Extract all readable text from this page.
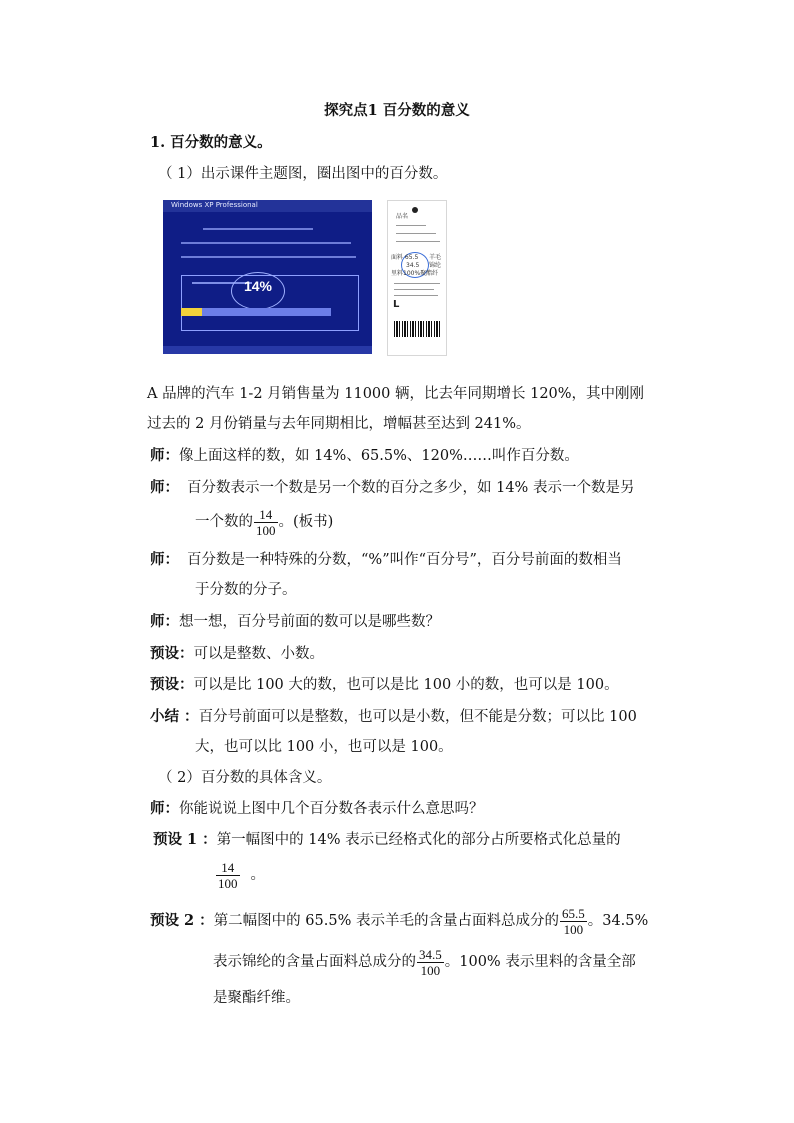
探究点1 百分数的意义
1. 百分数的意义。
（ 1）出示课件主题图，圈出图中的百分数。
Windows XP Professional
14%
品名
面料 65.5 羊毛
34.5 锦纶
里料100%聚酯纤
L
A 品牌的汽车 1-2 月销售量为 11000 辆，比去年同期增长 120%，其中刚刚
过去的 2 月份销量与去年同期相比，增幅甚至达到 241%。
师：像上面这样的数，如 14%、65.5%、120%……叫作百分数。
师： 百分数表示一个数是另一个数的百分之多少，如 14% 表示一个数是另
一个数的 $\frac{14}{100}$ 。(板书)
师： 百分数是一种特殊的分数，“%”叫作“百分号”，百分号前面的数相当
于分数的分子。
师：想一想，百分号前面的数可以是哪些数？
预设：可以是整数、小数。
预设：可以是比 100 大的数，也可以是比 100 小的数，也可以是 100。
小结 ：百分号前面可以是整数，也可以是小数，但不能是分数；可以比 100
大，也可以比 100 小，也可以是 100。
（ 2）百分数的具体含义。
师：你能说说上图中几个百分数各表示什么意思吗？
预设 1 ：第一幅图中的 14% 表示已经格式化的部分占所要格式化总量的
$\frac{14}{100}$ 。
预设 2 ：第二幅图中的 65.5% 表示羊毛的含量占面料总成分的 $\frac{65.5}{100}$ 。34.5%
表示锦纶的含量占面料总成分的 $\frac{34.5}{100}$ 。100% 表示里料的含量全部
是聚酯纤维。
